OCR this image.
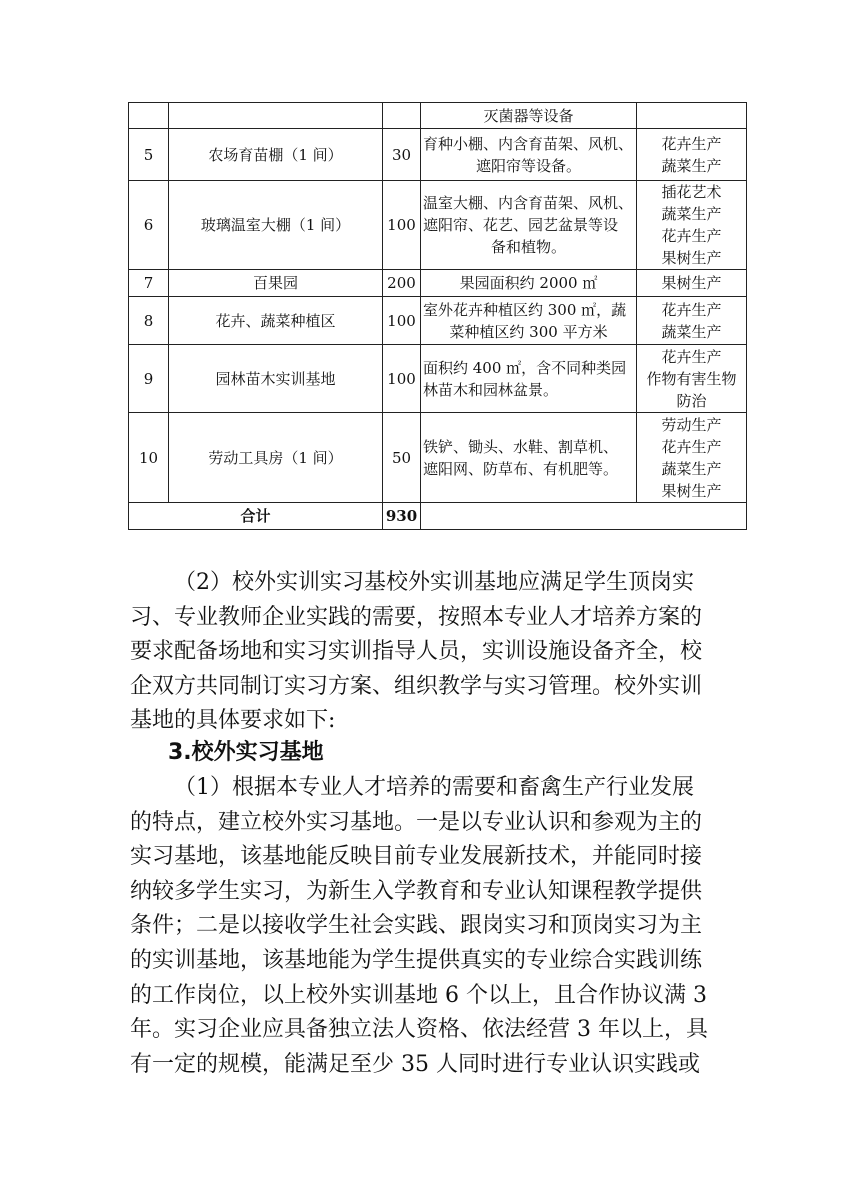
			灭菌器等设备	

5	农场育苗棚（1 间）	30	育种小棚、内含育苗架、风机、
遮阳帘等设备。	花卉生产
蔬菜生产

6	玻璃温室大棚（1 间）	100	温室大棚、内含育苗架、风机、
遮阳帘、花艺、园艺盆景等设
备和植物。	插花艺术
蔬菜生产
花卉生产
果树生产

7	百果园	200	果园面积约 2000 ㎡	果树生产

8	花卉、蔬菜种植区	100	室外花卉种植区约 300 ㎡，蔬
菜种植区约 300 平方米	花卉生产
蔬菜生产

9	园林苗木实训基地	100	面积约 400 ㎡，含不同种类园
林苗木和园林盆景。	花卉生产
作物有害生物
防治

10	劳动工具房（1 间）	50	铁铲、锄头、水鞋、割草机、
遮阳网、防草布、有机肥等。	劳动生产
花卉生产
蔬菜生产
果树生产

合计		930		

（2）校外实训实习基校外实训基地应满足学生顶岗实

习、专业教师企业实践的需要，按照本专业人才培养方案的

要求配备场地和实习实训指导人员，实训设施设备齐全，校

企双方共同制订实习方案、组织教学与实习管理。校外实训

基地的具体要求如下:

3.校外实习基地

（1）根据本专业人才培养的需要和畜禽生产行业发展

的特点，建立校外实习基地。一是以专业认识和参观为主的

实习基地，该基地能反映目前专业发展新技术，并能同时接

纳较多学生实习，为新生入学教育和专业认知课程教学提供

条件；二是以接收学生社会实践、跟岗实习和顶岗实习为主

的实训基地，该基地能为学生提供真实的专业综合实践训练

的工作岗位，以上校外实训基地 6 个以上，且合作协议满 3

年。实习企业应具备独立法人资格、依法经营 3 年以上，具

有一定的规模，能满足至少 35 人同时进行专业认识实践或
